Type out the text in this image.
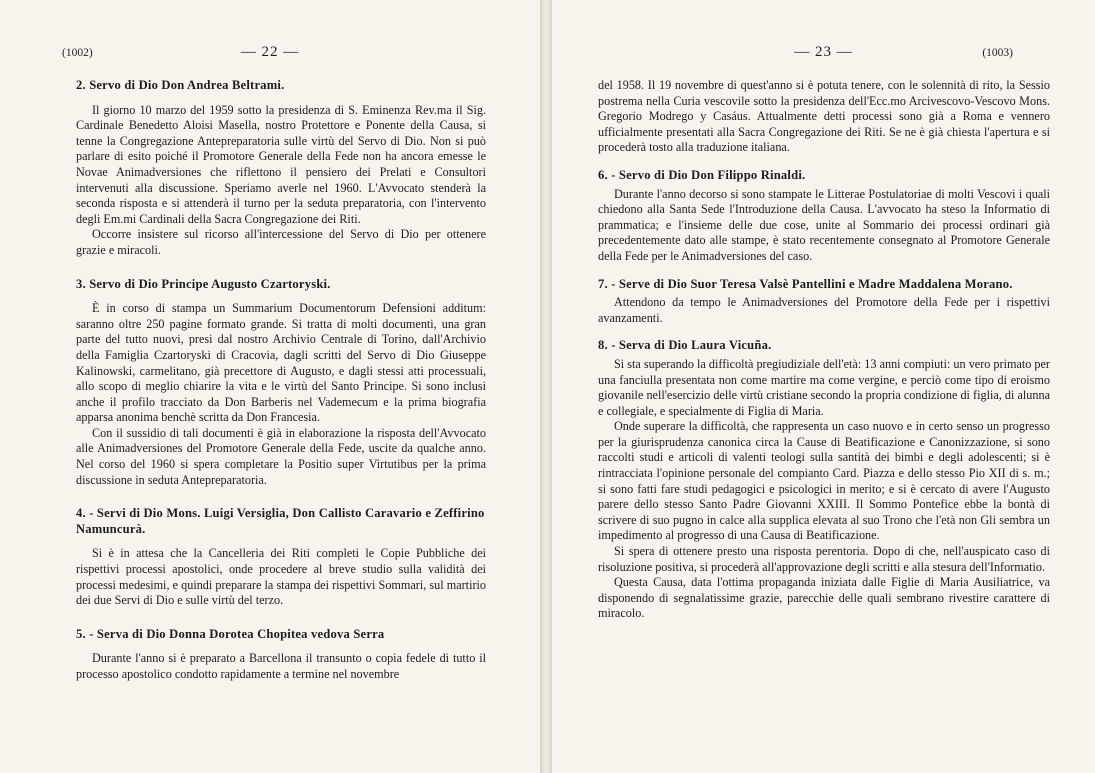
(1002)	— 22 —
2. Servo di Dio Don Andrea Beltrami.

Il giorno 10 marzo del 1959 sotto la presidenza di S. Eminenza Rev.ma il Sig. Cardinale Benedetto Aloisi Masella, nostro Protettore e Ponente della Causa, si tenne la Congregazione Antepreparatoria sulle virtù del Servo di Dio. Non si può parlare di esito poiché il Promotore Generale della Fede non ha ancora emesse le Novae Animadversiones che riflettono il pensiero dei Prelati e Consultori intervenuti alla discussione. Speriamo averle nel 1960. L'Avvocato stenderà la seconda risposta e si attenderà il turno per la seduta preparatoria, con l'intervento degli Em.mi Cardinali della Sacra Congregazione dei Riti.

Occorre insistere sul ricorso all'intercessione del Servo di Dio per ottenere grazie e miracoli.

3. Servo di Dio Principe Augusto Czartoryski.

È in corso di stampa un Summarium Documentorum Defensioni additum: saranno oltre 250 pagine formato grande. Si tratta di molti documenti, una gran parte del tutto nuovi, presi dal nostro Archivio Centrale di Torino, dall'Archivio della Famiglia Czartoryski di Cracovia, dagli scritti del Servo di Dio Giuseppe Kalinowski, carmelitano, già precettore di Augusto, e dagli stessi atti processuali, allo scopo di meglio chiarire la vita e le virtù del Santo Principe. Si sono inclusi anche il profilo tracciato da Don Barberis nel Vademecum e la prima biografia apparsa anonima benchè scritta da Don Francesia.

Con il sussidio di tali documenti è già in elaborazione la risposta dell'Avvocato alle Animadversiones del Promotore Generale della Fede, uscite da qualche anno. Nel corso del 1960 si spera completare la Positio super Virtutibus per la prima discussione in seduta Antepreparatoria.

4. - Servi di Dio Mons. Luigi Versiglia, Don Callisto Caravario e Zeffirino Namuncurà.

Si è in attesa che la Cancelleria dei Riti completi le Copie Pubbliche dei rispettivi processi apostolici, onde procedere al breve studio sulla validità dei processi medesimi, e quindi preparare la stampa dei rispettivi Sommari, sul martirio dei due Servi di Dio e sulle virtù del terzo.

5. - Serva di Dio Donna Dorotea Chopitea vedova Serra

Durante l'anno si è preparato a Barcellona il transunto o copia fedele di tutto il processo apostolico condotto rapidamente a termine nel novembre

— 23 —	(1003)

del 1958. Il 19 novembre di quest'anno si è potuta tenere, con le solennità di rito, la Sessio postrema nella Curia vescovile sotto la presidenza dell'Ecc.mo Arcivescovo-Vescovo Mons. Gregorio Modrego y Casáus. Attualmente detti processi sono già a Roma e vennero ufficialmente presentati alla Sacra Congregazione dei Riti. Se ne è già chiesta l'apertura e si procederà tosto alla traduzione italiana.

6. - Servo di Dio Don Filippo Rinaldi.

Durante l'anno decorso si sono stampate le Litterae Postulatoriae di molti Vescovi i quali chiedono alla Santa Sede l'Introduzione della Causa. L'avvocato ha steso la Informatio di prammatica; e l'insieme delle due cose, unite al Sommario dei processi ordinari già precedentemente dato alle stampe, è stato recentemente consegnato al Promotore Generale della Fede per le Animadversiones del caso.

7. - Serve di Dio Suor Teresa Valsè Pantellini e Madre Maddalena Morano.

Attendono da tempo le Animadversiones del Promotore della Fede per i rispettivi avanzamenti.

8. - Serva di Dio Laura Vicuña.

Si sta superando la difficoltà pregiudiziale dell'età: 13 anni compiuti: un vero primato per una fanciulla presentata non come martire ma come vergine, e perciò come tipo di eroismo giovanile nell'esercizio delle virtù cristiane secondo la propria condizione di figlia, di alunna e collegiale, e specialmente di Figlia di Maria.

Onde superare la difficoltà, che rappresenta un caso nuovo e in certo senso un progresso per la giurisprudenza canonica circa la Cause di Beatificazione e Canonizzazione, si sono raccolti studi e articoli di valenti teologi sulla santità dei bimbi e degli adolescenti; si è rintracciata l'opinione personale del compianto Card. Piazza e dello stesso Pio XII di s. m.; si sono fatti fare studi pedagogici e psicologici in merito; e si è cercato di avere l'Augusto parere dello stesso Santo Padre Giovanni XXIII. Il Sommo Pontefice ebbe la bontà di scrivere di suo pugno in calce alla supplica elevata al suo Trono che l'età non Gli sembra un impedimento al progresso di una Causa di Beatificazione.

Si spera di ottenere presto una risposta perentoria. Dopo di che, nell'auspicato caso di risoluzione positiva, si procederà all'approvazione degli scritti e alla stesura dell'Informatio.

Questa Causa, data l'ottima propaganda iniziata dalle Figlie di Maria Ausiliatrice, va disponendo di segnalatissime grazie, parecchie delle quali sembrano rivestire carattere di miracolo.
